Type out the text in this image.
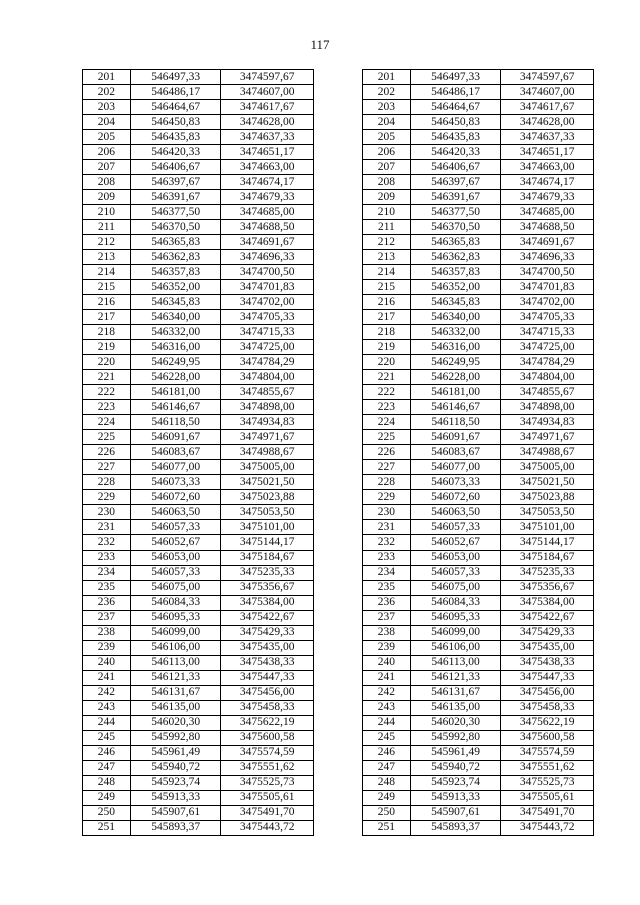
117
201	546497,33	3474597,67		201	546497,33	3474597,67
202	546486,17	3474607,00		202	546486,17	3474607,00
203	546464,67	3474617,67		203	546464,67	3474617,67
204	546450,83	3474628,00		204	546450,83	3474628,00
205	546435,83	3474637,33		205	546435,83	3474637,33
206	546420,33	3474651,17		206	546420,33	3474651,17
207	546406,67	3474663,00		207	546406,67	3474663,00
208	546397,67	3474674,17		208	546397,67	3474674,17
209	546391,67	3474679,33		209	546391,67	3474679,33
210	546377,50	3474685,00		210	546377,50	3474685,00
211	546370,50	3474688,50		211	546370,50	3474688,50
212	546365,83	3474691,67		212	546365,83	3474691,67
213	546362,83	3474696,33		213	546362,83	3474696,33
214	546357,83	3474700,50		214	546357,83	3474700,50
215	546352,00	3474701,83		215	546352,00	3474701,83
216	546345,83	3474702,00		216	546345,83	3474702,00
217	546340,00	3474705,33		217	546340,00	3474705,33
218	546332,00	3474715,33		218	546332,00	3474715,33
219	546316,00	3474725,00		219	546316,00	3474725,00
220	546249,95	3474784,29		220	546249,95	3474784,29
221	546228,00	3474804,00		221	546228,00	3474804,00
222	546181,00	3474855,67		222	546181,00	3474855,67
223	546146,67	3474898,00		223	546146,67	3474898,00
224	546118,50	3474934,83		224	546118,50	3474934,83
225	546091,67	3474971,67		225	546091,67	3474971,67
226	546083,67	3474988,67		226	546083,67	3474988,67
227	546077,00	3475005,00		227	546077,00	3475005,00
228	546073,33	3475021,50		228	546073,33	3475021,50
229	546072,60	3475023,88		229	546072,60	3475023,88
230	546063,50	3475053,50		230	546063,50	3475053,50
231	546057,33	3475101,00		231	546057,33	3475101,00
232	546052,67	3475144,17		232	546052,67	3475144,17
233	546053,00	3475184,67		233	546053,00	3475184,67
234	546057,33	3475235,33		234	546057,33	3475235,33
235	546075,00	3475356,67		235	546075,00	3475356,67
236	546084,33	3475384,00		236	546084,33	3475384,00
237	546095,33	3475422,67		237	546095,33	3475422,67
238	546099,00	3475429,33		238	546099,00	3475429,33
239	546106,00	3475435,00		239	546106,00	3475435,00
240	546113,00	3475438,33		240	546113,00	3475438,33
241	546121,33	3475447,33		241	546121,33	3475447,33
242	546131,67	3475456,00		242	546131,67	3475456,00
243	546135,00	3475458,33		243	546135,00	3475458,33
244	546020,30	3475622,19		244	546020,30	3475622,19
245	545992,80	3475600,58		245	545992,80	3475600,58
246	545961,49	3475574,59		246	545961,49	3475574,59
247	545940,72	3475551,62		247	545940,72	3475551,62
248	545923,74	3475525,73		248	545923,74	3475525,73
249	545913,33	3475505,61		249	545913,33	3475505,61
250	545907,61	3475491,70		250	545907,61	3475491,70
251	545893,37	3475443,72		251	545893,37	3475443,72
